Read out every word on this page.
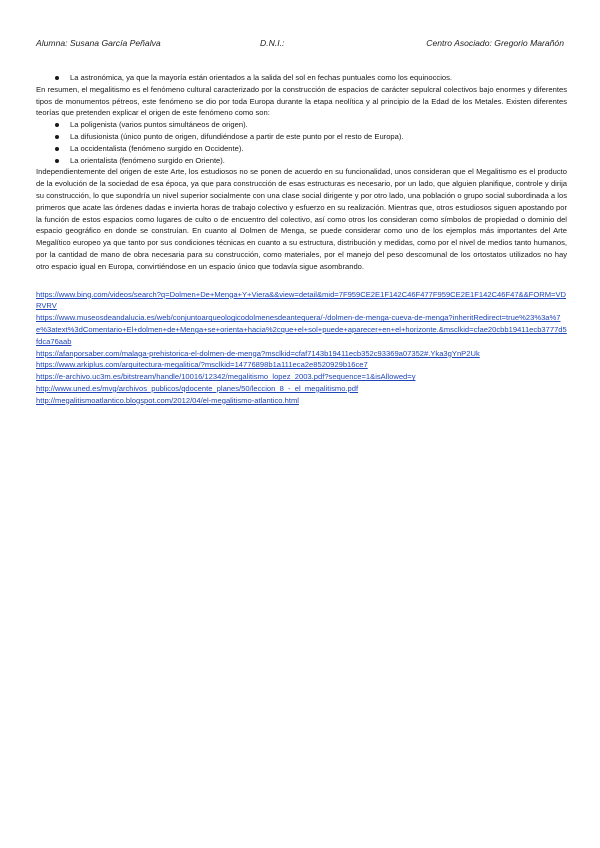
Alumna: Susana García Peñalva	D.N.I.:	Centro Asociado: Gregorio Marañón
La astronómica, ya que la mayoría están orientados a la salida del sol en fechas puntuales como los equinoccios.

En resumen, el megalitismo es el fenómeno cultural caracterizado por la construcción de espacios de carácter sepulcral colectivos bajo enormes y diferentes tipos de monumentos pétreos, este fenómeno se dio por toda Europa durante la etapa neolítica y al principio de la Edad de los Metales. Existen diferentes teorías que pretenden explicar el origen de este fenómeno como son:

La poligenista (varios puntos simultáneos de origen).
La difusionista (único punto de origen, difundiéndose a partir de este punto por el resto de Europa).
La occidentalista (fenómeno surgido en Occidente).
La orientalista (fenómeno surgido en Oriente).

Independientemente del origen de este Arte, los estudiosos no se ponen de acuerdo en su funcionalidad, unos consideran que el Megalitismo es el producto de la evolución de la sociedad de esa época, ya que para construcción de esas estructuras es necesario, por un lado, que alguien planifique, controle y dirija su construcción, lo que supondría un nivel superior socialmente con una clase social dirigente y por otro lado, una población o grupo social subordinada a los primeros que acate las órdenes dadas e invierta horas de trabajo colectivo y esfuerzo en su realización. Mientras que, otros estudiosos siguen apostando por la función de estos espacios como lugares de culto o de encuentro del colectivo, así como otros los consideran como símbolos de propiedad o dominio del espacio geográfico en donde se construían. En cuanto al Dolmen de Menga, se puede considerar como uno de los ejemplos más importantes del Arte Megalítico europeo ya que tanto por sus condiciones técnicas en cuanto a su estructura, distribución y medidas, como por el nivel de medios tanto humanos, por la cantidad de mano de obra necesaria para su construcción, como materiales, por el manejo del peso descomunal de los ortostatos utilizados no hay otro espacio igual en Europa, convirtiéndose en un espacio único que todavía sigue asombrando.

https://www.bing.com/videos/search?q=Dolmen+De+Menga+Y+Viera&&view=detail&mid=7F959CE2E1F142C46F477F959CE2E1F142C46F47&&FORM=VDRVRV
https://www.museosdeandalucia.es/web/conjuntoarqueologicodolmenesdeantequera/-/dolmen-de-menga-cueva-de-menga?inheritRedirect=true%23%3a%7e%3atext%3dComentario+El+dolmen+de+Menga+se+orienta+hacia%2cque+el+sol+puede+aparecer+en+el+horizonte.&msclkid=cfae20cbb19411ecb3777d5fdca76aab
https://afanporsaber.com/malaga-prehistorica-el-dolmen-de-menga?msclkid=cfaf7143b19411ecb352c93369a07352#.Yka3gYnP2Uk
https://www.arkiplus.com/arquitectura-megalitica/?msclkid=14776898b1a111eca2e8520929b16ce7
https://e-archivo.uc3m.es/bitstream/handle/10016/12342/megalitismo_lopez_2003.pdf?sequence=1&isAllowed=y
http://www.uned.es/mvg/archivos_publicos/qdocente_planes/50/leccion_8_-_el_megalitismo.pdf
http://megalitismoatlantico.blogspot.com/2012/04/el-megalitismo-atlantico.html
